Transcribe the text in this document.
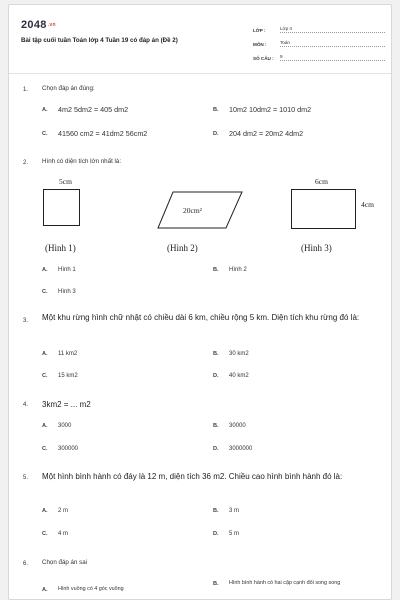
2048.vn
Bài tập cuối tuần Toán lớp 4 Tuần 19 có đáp án (Đề 2)
LỚP :	Lớp 4
MÔN :	Toán
SỐ CÂU :	9
1. Chọn đáp án đúng:
A.	4m2 5dm2 = 405 dm2	B.	10m2 10dm2 = 1010 dm2
C.	41560 cm2 = 41dm2 56cm2	D.	204 dm2 = 20m2 4dm2
2. Hình có diện tích lớn nhất là:
5cm
20cm²
6cm
4cm
(Hình 1)	(Hình 2)	(Hình 3)
A.	Hình 1	B.	Hình 2
C.	Hình 3
3. Một khu rừng hình chữ nhật có chiều dài 6 km, chiều rộng 5 km. Diện tích khu rừng đó là:
A.	11 km2	B.	30 km2
C.	15 km2	D.	40 km2
4. 3km2 = ... m2
A.	3000	B.	30000
C.	300000	D.	3000000
5. Một hình bình hành có đáy là 12 m, diện tích 36 m2. Chiều cao hình bình hành đó là:
A.	2 m	B.	3 m
C.	4 m	D.	5 m
6. Chọn đáp án sai
A.	Hình vuông có 4 góc vuông
B.	Hình bình hành có hai cặp cạnh đối song song
